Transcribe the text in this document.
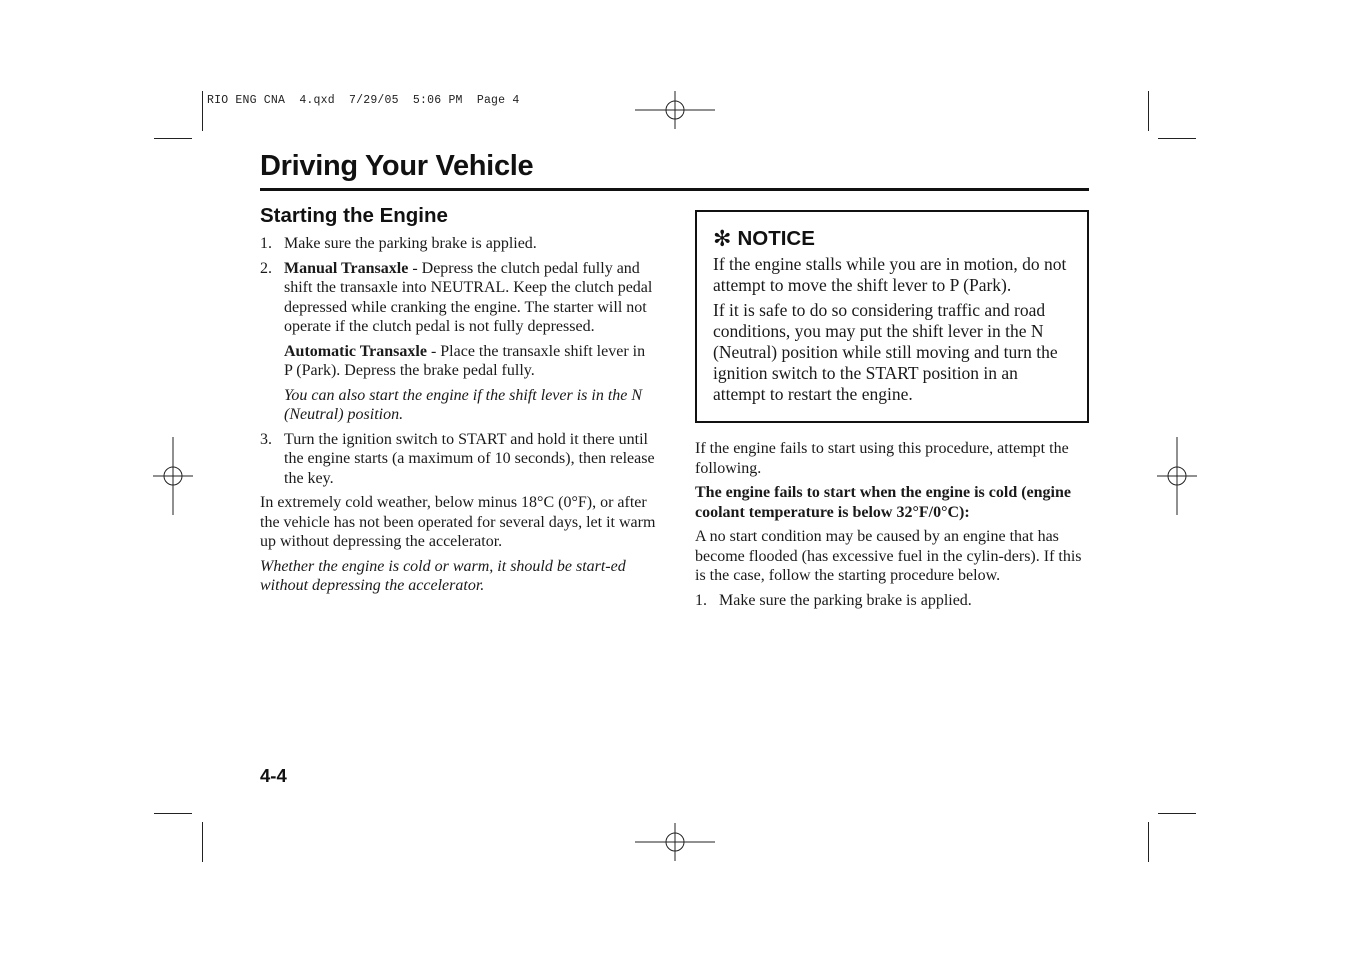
RIO ENG CNA  4.qxd  7/29/05  5:06 PM  Page 4
Driving Your Vehicle
Starting the Engine
1. Make sure the parking brake is applied.
2. Manual Transaxle - Depress the clutch pedal fully and shift the transaxle into NEUTRAL. Keep the clutch pedal depressed while cranking the engine. The starter will not operate if the clutch pedal is not fully depressed.
Automatic Transaxle - Place the transaxle shift lever in P (Park). Depress the brake pedal fully.
You can also start the engine if the shift lever is in the N (Neutral) position.
3. Turn the ignition switch to START and hold it there until the engine starts (a maximum of 10 seconds), then release the key.

In extremely cold weather, below minus 18°C (0°F), or after the vehicle has not been operated for several days, let it warm up without depressing the accelerator.

Whether the engine is cold or warm, it should be start-ed without depressing the accelerator.

✻ NOTICE

If the engine stalls while you are in motion, do not attempt to move the shift lever to P (Park).

If it is safe to do so considering traffic and road conditions, you may put the shift lever in the N (Neutral) position while still moving and turn the ignition switch to the START position in an attempt to restart the engine.

If the engine fails to start using this procedure, attempt the following.

The engine fails to start when the engine is cold (engine coolant temperature is below 32°F/0°C):

A no start condition may be caused by an engine that has become flooded (has excessive fuel in the cylin-ders). If this is the case, follow the starting procedure below.

1. Make sure the parking brake is applied.
4-4
